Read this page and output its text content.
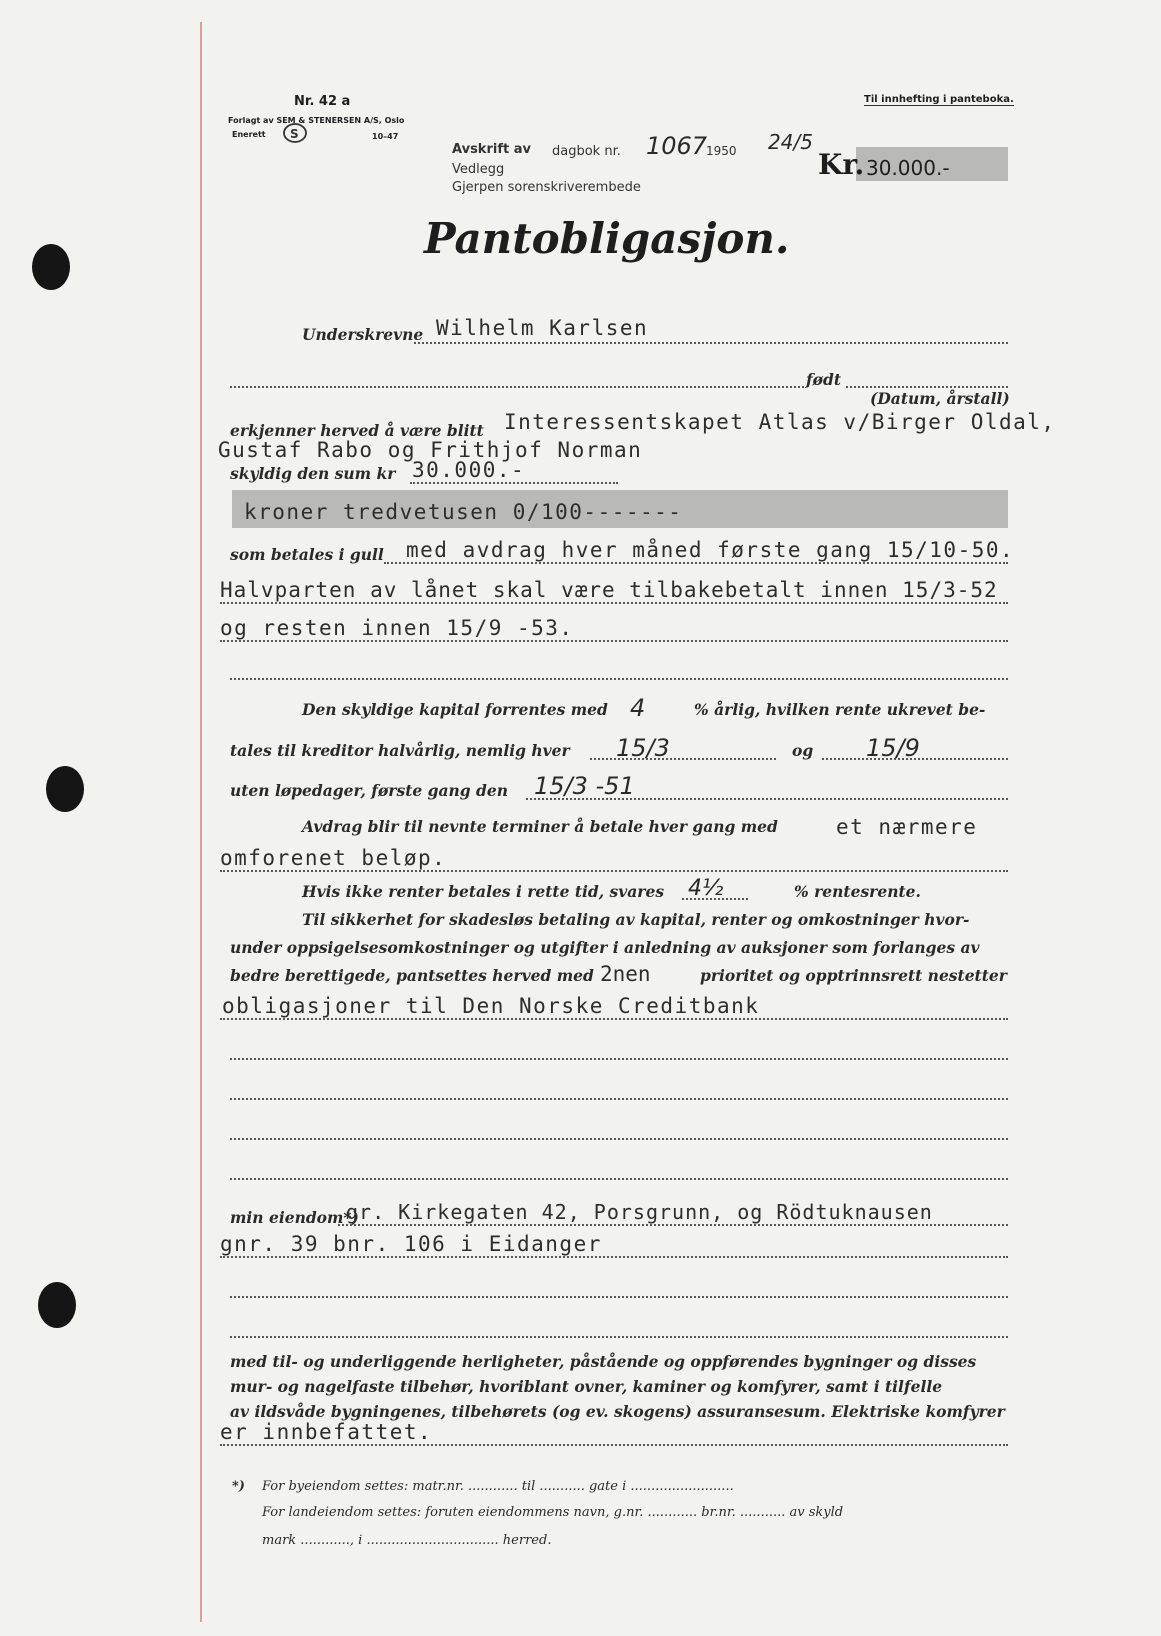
Nr. 42 a
Forlagt av SEM & STENERSEN A/S, Oslo
Enerett S	10–47
Til innhefting i panteboka.
Avskrift av dagbok nr. 1067
1950 24/5
Vedlegg
Gjerpen sorenskriverembede
Kr. 30.000.-
Pantobligasjon.
Underskrevne Wilhelm Karlsen
født
(Datum, årstall)
erkjenner herved å være blitt Interessentskapet Atlas v/Birger Oldal,
Gustaf Rabo og Frithjof Norman
skyldig den sum kr 30.000.-
kroner tredvetusen 0/100-------
som betales i gull med avdrag hver måned første gang 15/10-50.
Halvparten av lånet skal være tilbakebetalt innen 15/3-52
og resten innen 15/9 -53.
Den skyldige kapital forrentes med 4	% årlig, hvilken rente ukrevet be-
tales til kreditor halvårlig, nemlig hver 15/3	og 15/9
uten løpedager, første gang den 15/3 -51
Avdrag blir til nevnte terminer å betale hver gang med	et nærmere
omforenet beløp.
Hvis ikke renter betales i rette tid, svares 4½	% rentesrente.
Til sikkerhet for skadesløs betaling av kapital, renter og omkostninger hvor-
under oppsigelsesomkostninger og utgifter i anledning av auksjoner som forlanges av
bedre berettigede, pantsettes herved med 2nen	prioritet og opptrinnsrett nestetter
obligasjoner til Den Norske Creditbank
min eiendom*)
gr. Kirkegaten 42, Porsgrunn, og Rödtuknausen
gnr. 39 bnr. 106 i Eidanger
med til- og underliggende herligheter, påstående og oppførendes bygninger og disses
mur- og nagelfaste tilbehør, hvoriblant ovner, kaminer og komfyrer, samt i tilfelle
av ildsvåde bygningenes, tilbehørets (og ev. skogens) assuransesum. Elektriske komfyrer
er innbefattet.
*) For byeiendom settes: matr.nr. ............ til ........... gate i .........................
For landeiendom settes: foruten eiendommens navn, g.nr. ............ br.nr. ........... av skyld
mark ............, i ................................ herred.
